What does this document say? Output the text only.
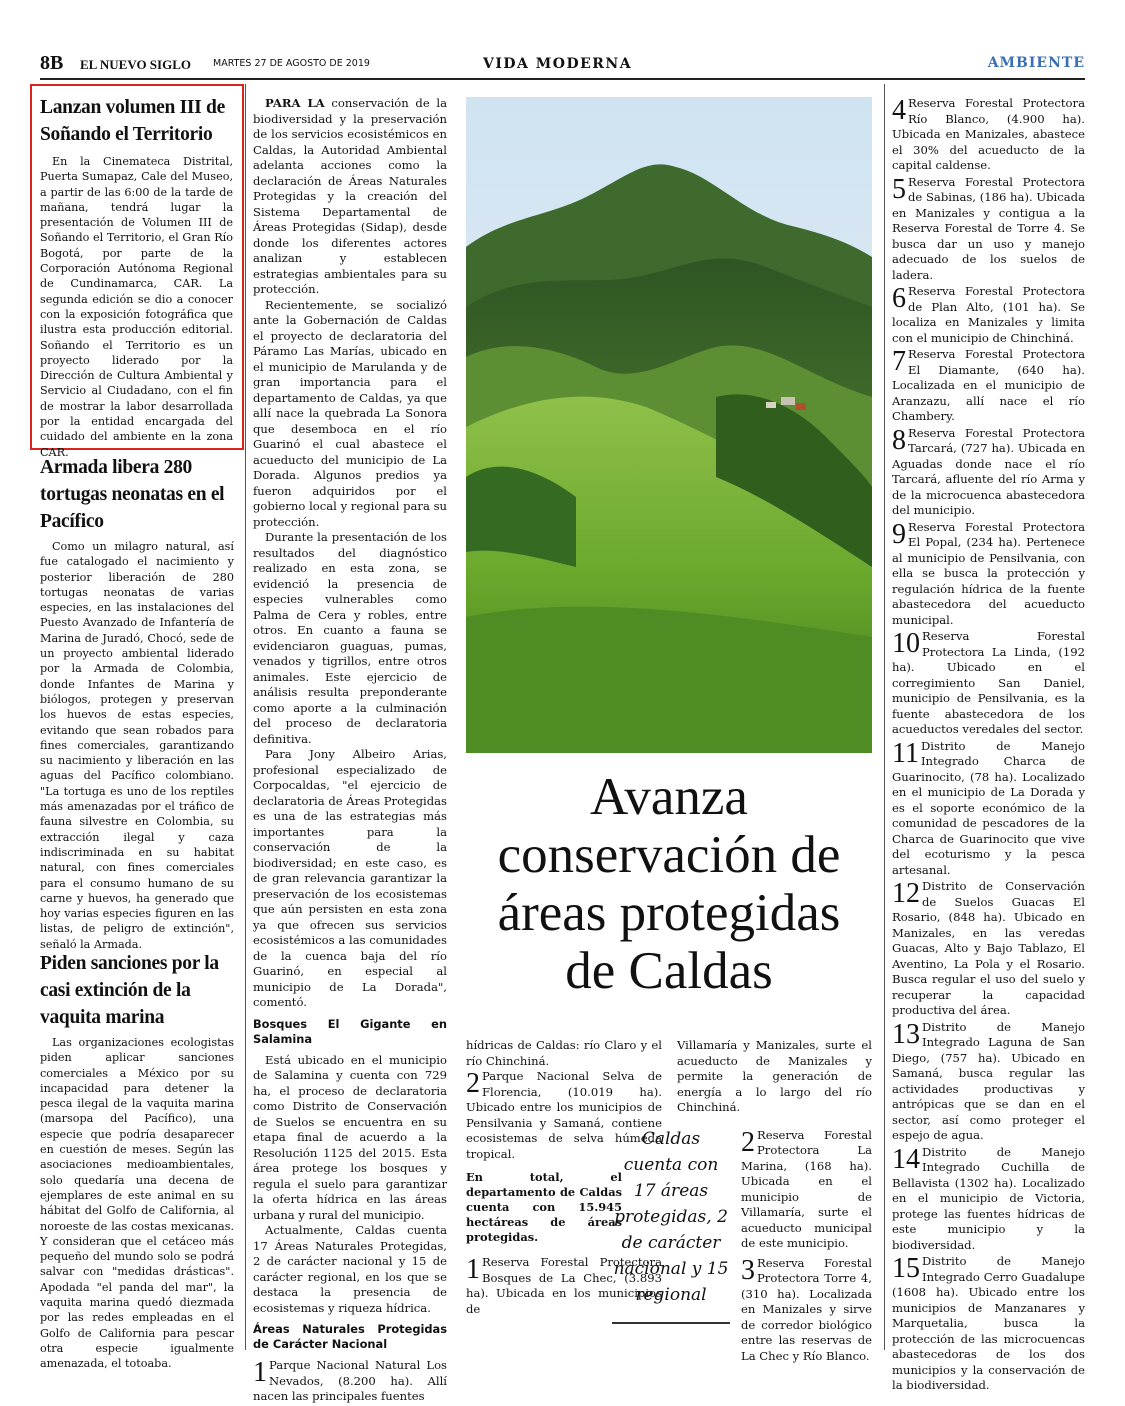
8B EL NUEVO SIGLO MARTES 27 DE AGOSTO DE 2019	VIDA MODERNA	AMBIENTE
Lanzan volumen III de Soñando el Territorio

En la Cinemateca Distrital, Puerta Sumapaz, Cale del Museo, a partir de las 6:00 de la tarde de mañana, tendrá lugar la presentación de Volumen III de Soñando el Territorio, el Gran Río Bogotá, por parte de la Corporación Autónoma Regional de Cundinamarca, CAR. La segunda edición se dio a conocer con la exposición fotográfica que ilustra esta producción editorial. Soñando el Territorio es un proyecto liderado por la Dirección de Cultura Ambiental y Servicio al Ciudadano, con el fin de mostrar la labor desarrollada por la entidad encargada del cuidado del ambiente en la zona CAR.

Armada libera 280 tortugas neonatas en el Pacífico

Como un milagro natural, así fue catalogado el nacimiento y posterior liberación de 280 tortugas neonatas de varias especies, en las instalaciones del Puesto Avanzado de Infantería de Marina de Juradó, Chocó, sede de un proyecto ambiental liderado por la Armada de Colombia, donde Infantes de Marina y biólogos, protegen y preservan los huevos de estas especies, evitando que sean robados para fines comerciales, garantizando su nacimiento y liberación en las aguas del Pacífico colombiano. "La tortuga es uno de los reptiles más amenazadas por el tráfico de fauna silvestre en Colombia, su extracción ilegal y caza indiscriminada en su habitat natural, con fines comerciales para el consumo humano de su carne y huevos, ha generado que hoy varias especies figuren en las listas, de peligro de extinción", señaló la Armada.

Piden sanciones por la casi extinción de la vaquita marina

Las organizaciones ecologistas piden aplicar sanciones comerciales a México por su incapacidad para detener la pesca ilegal de la vaquita marina (marsopa del Pacífico), una especie que podría desaparecer en cuestión de meses. Según las asociaciones medioambientales, solo quedaría una decena de ejemplares de este animal en su hábitat del Golfo de California, al noroeste de las costas mexicanas. Y consideran que el cetáceo más pequeño del mundo solo se podrá salvar con "medidas drásticas". Apodada "el panda del mar", la vaquita marina quedó diezmada por las redes empleadas en el Golfo de California para pescar otra especie igualmente amenazada, el totoaba.

PARA LA conservación de la biodiversidad y la preservación de los servicios ecosistémicos en Caldas, la Autoridad Ambiental adelanta acciones como la declaración de Áreas Naturales Protegidas y la creación del Sistema Departamental de Áreas Protegidas (Sidap), desde donde los diferentes actores analizan y establecen estrategias ambientales para su protección.

Recientemente, se socializó ante la Gobernación de Caldas el proyecto de declaratoria del Páramo Las Marías, ubicado en el municipio de Marulanda y de gran importancia para el departamento de Caldas, ya que allí nace la quebrada La Sonora que desemboca en el río Guarinó el cual abastece el acueducto del municipio de La Dorada. Algunos predios ya fueron adquiridos por el gobierno local y regional para su protección.

Durante la presentación de los resultados del diagnóstico realizado en esta zona, se evidenció la presencia de especies vulnerables como Palma de Cera y robles, entre otros. En cuanto a fauna se evidenciaron guaguas, pumas, venados y tigrillos, entre otros animales. Este ejercicio de análisis resulta preponderante como aporte a la culminación del proceso de declaratoria definitiva.

Para Jony Albeiro Arias, profesional especializado de Corpocaldas, "el ejercicio de declaratoria de Áreas Protegidas es una de las estrategias más importantes para la conservación de la biodiversidad; en este caso, es de gran relevancia garantizar la preservación de los ecosistemas que aún persisten en esta zona ya que ofrecen sus servicios ecosistémicos a las comunidades de la cuenca baja del río Guarinó, en especial al municipio de La Dorada", comentó.

Bosques El Gigante en Salamina

Está ubicado en el municipio de Salamina y cuenta con 729 ha, el proceso de declaratoria como Distrito de Conservación de Suelos se encuentra en su etapa final de acuerdo a la Resolución 1125 del 2015. Esta área protege los bosques y regula el suelo para garantizar la oferta hídrica en las áreas urbana y rural del municipio.

Actualmente, Caldas cuenta 17 Áreas Naturales Protegidas, 2 de carácter nacional y 15 de carácter regional, en los que se destaca la presencia de ecosistemas y riqueza hídrica.

Áreas Naturales Protegidas de Carácter Nacional
1 Parque Nacional Natural Los Nevados, (8.200 ha). Allí nacen las principales fuentes
Avanza conservación de áreas protegidas de Caldas

hídricas de Caldas: río Claro y el río Chinchiná.

2 Parque Nacional Selva de Florencia, (10.019 ha). Ubicado entre los municipios de Pensilvania y Samaná, contiene ecosistemas de selva húmeda tropical.
En total, el departamento de Caldas cuenta con 15.945 hectáreas de áreas protegidas.
1 Reserva Forestal Protectora Bosques de La Chec, (3.893 ha). Ubicada en los municipios de
Caldas cuenta con 17 áreas protegidas, 2 de carácter nacional y 15 regional

Villamaría y Manizales, surte el acueducto de Manizales y permite la generación de energía a lo largo del río Chinchiná.

2 Reserva Forestal Protectora La Marina, (168 ha). Ubicada en el municipio de Villamaría, surte el acueducto municipal de este municipio.
3 Reserva Forestal Protectora Torre 4, (310 ha). Localizada en Manizales y sirve de corredor biológico entre las reservas de La Chec y Río Blanco.
4 Reserva Forestal Protectora Río Blanco, (4.900 ha). Ubicada en Manizales, abastece el 30% del acueducto de la capital caldense.
5 Reserva Forestal Protectora de Sabinas, (186 ha). Ubicada en Manizales y contigua a la Reserva Forestal de Torre 4. Se busca dar un uso y manejo adecuado de los suelos de ladera.
6 Reserva Forestal Protectora de Plan Alto, (101 ha). Se localiza en Manizales y limita con el municipio de Chinchiná.
7 Reserva Forestal Protectora El Diamante, (640 ha). Localizada en el municipio de Aranzazu, allí nace el río Chambery.
8 Reserva Forestal Protectora Tarcará, (727 ha). Ubicada en Aguadas donde nace el río Tarcará, afluente del río Arma y de la microcuenca abastecedora del municipio.
9 Reserva Forestal Protectora El Popal, (234 ha). Pertenece al municipio de Pensilvania, con ella se busca la protección y regulación hídrica de la fuente abastecedora del acueducto municipal.
10 Reserva Forestal Protectora La Linda, (192 ha). Ubicado en el corregimiento San Daniel, municipio de Pensilvania, es la fuente abastecedora de los acueductos veredales del sector.
11 Distrito de Manejo Integrado Charca de Guarinocito, (78 ha). Localizado en el municipio de La Dorada y es el soporte económico de la comunidad de pescadores de la Charca de Guarinocito que vive del ecoturismo y la pesca artesanal.
12 Distrito de Conservación de Suelos Guacas El Rosario, (848 ha). Ubicado en Manizales, en las veredas Guacas, Alto y Bajo Tablazo, El Aventino, La Pola y el Rosario. Busca regular el uso del suelo y recuperar la capacidad productiva del área.
13 Distrito de Manejo Integrado Laguna de San Diego, (757 ha). Ubicado en Samaná, busca regular las actividades productivas y antrópicas que se dan en el sector, así como proteger el espejo de agua.
14 Distrito de Manejo Integrado Cuchilla de Bellavista (1302 ha). Localizado en el municipio de Victoria, protege las fuentes hídricas de este municipio y la biodiversidad.
15 Distrito de Manejo Integrado Cerro Guadalupe (1608 ha). Ubicado entre los municipios de Manzanares y Marquetalia, busca la protección de las microcuencas abastecedoras de los dos municipios y la conservación de la biodiversidad.
